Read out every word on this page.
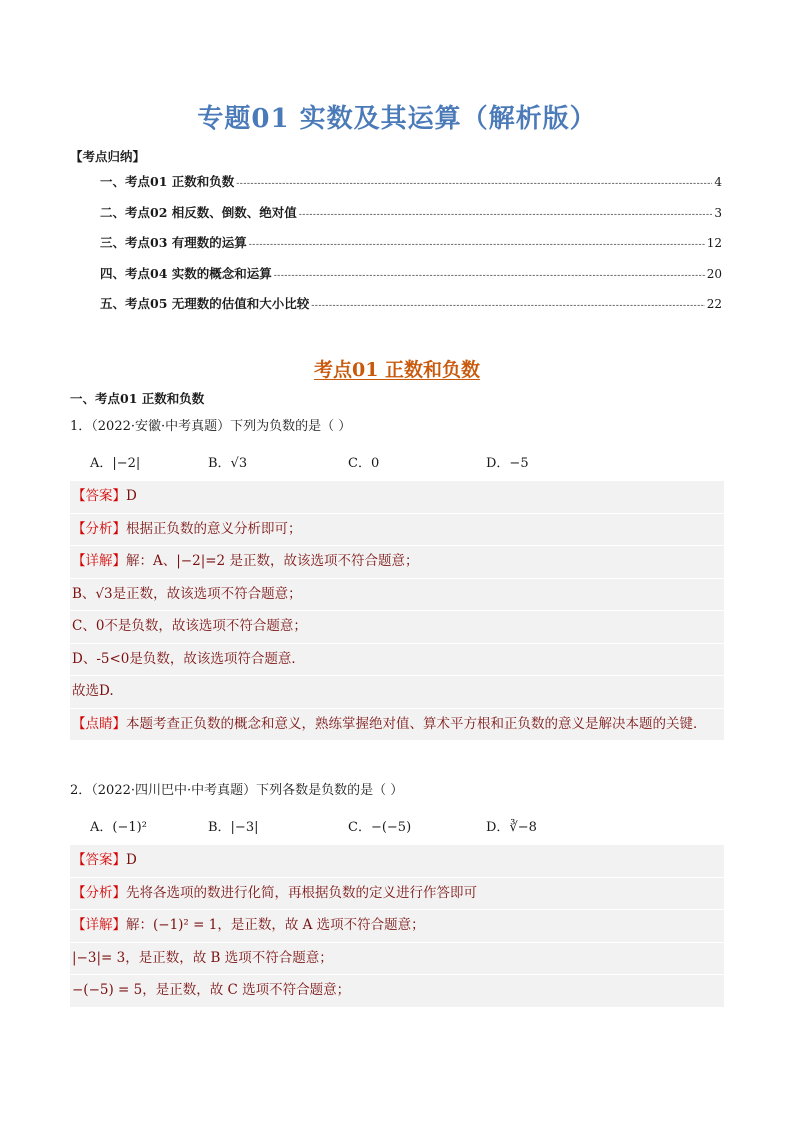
专题01 实数及其运算（解析版）
【考点归纳】
一、考点01 正数和负数 -----	4
二、考点02 相反数、倒数、绝对值 -----	3
三、考点03 有理数的运算 -----	12
四、考点04 实数的概念和运算 -----	20
五、考点05 无理数的估值和大小比较 -----	22
考点01 正数和负数
一、考点01 正数和负数
1．（2022·安徽·中考真题）下列为负数的是（ ）
A．|−2|	B．√3	C．0	D．−5
【答案】D
【分析】根据正负数的意义分析即可；
【详解】解：A、|−2|=2 是正数，故该选项不符合题意；
B、√3是正数，故该选项不符合题意；
C、0不是负数，故该选项不符合题意；
D、-5<0是负数，故该选项符合题意．
故选D.
【点睛】本题考查正负数的概念和意义，熟练掌握绝对值、算术平方根和正负数的意义是解决本题的关键．
2．（2022·四川巴中·中考真题）下列各数是负数的是（ ）
A．(−1)²	B．|−3|	C．−(−5)	D．∛−8
【答案】D
【分析】先将各选项的数进行化简，再根据负数的定义进行作答即可
【详解】解：(−1)² = 1，是正数，故 A 选项不符合题意；
|−3|= 3，是正数，故 B 选项不符合题意；
−(−5) = 5，是正数，故 C 选项不符合题意；
